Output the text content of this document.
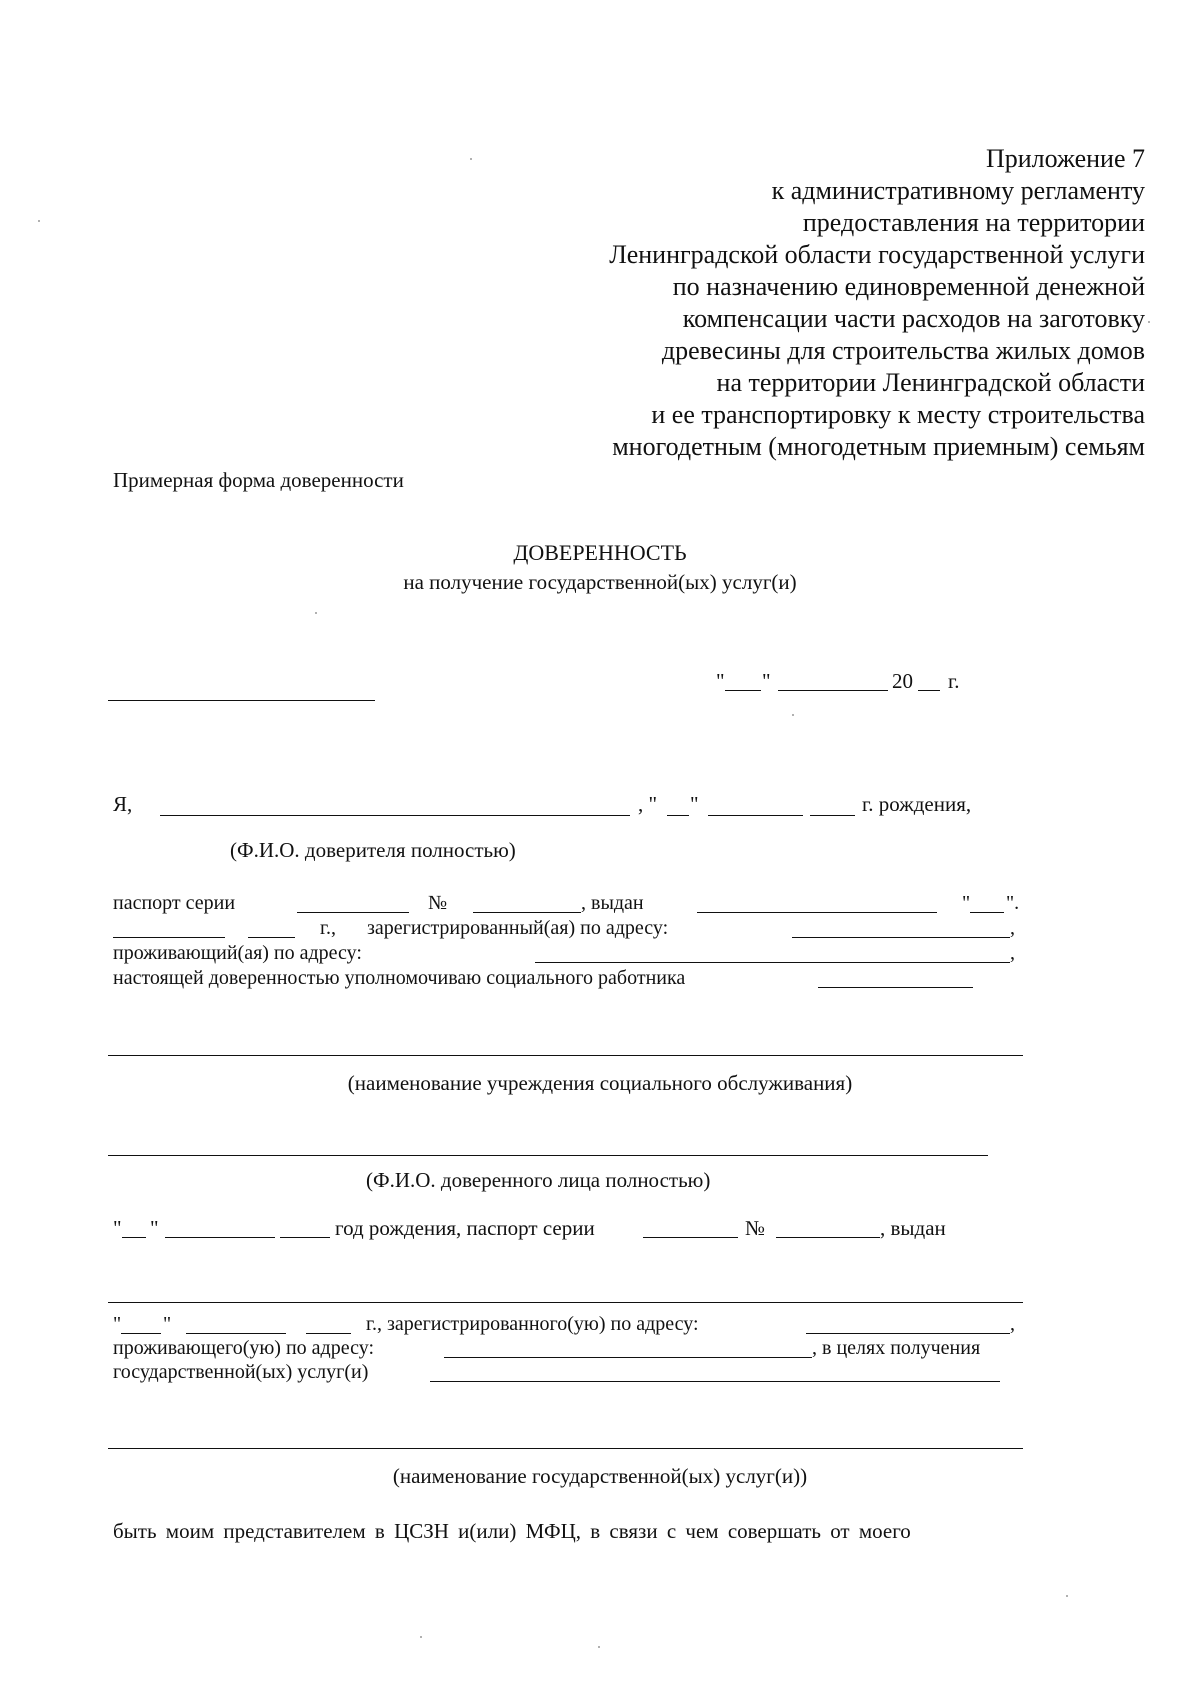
Приложение 7
к административному регламенту
предоставления на территории
Ленинградской области государственной услуги
по назначению единовременной денежной
компенсации части расходов на заготовку
древесины для строительства жилых домов
на территории Ленинградской области
и ее транспортировку к месту строительства
многодетным (многодетным приемным) семьям
Примерная форма доверенности
ДОВЕРЕННОСТЬ
на получение государственной(ых) услуг(и)
" "	20 г.
Я,	, " "	г. рождения,
(Ф.И.О. доверителя полностью)
паспорт серии	№	, выдан	" ".
г., зарегистрированный(ая) по адресу:	,
проживающий(ая) по адресу:	,
настоящей доверенностью уполномочиваю социального работника
(наименование учреждения социального обслуживания)
(Ф.И.О. доверенного лица полностью)
" "	год рождения, паспорт серии	№	, выдан
" "	г., зарегистрированного(ую) по адресу:	,
проживающего(ую) по адресу:	, в целях получения
государственной(ых) услуг(и)
(наименование государственной(ых) услуг(и))
быть моим представителем в ЦСЗН и(или) МФЦ, в связи с чем совершать от моего
